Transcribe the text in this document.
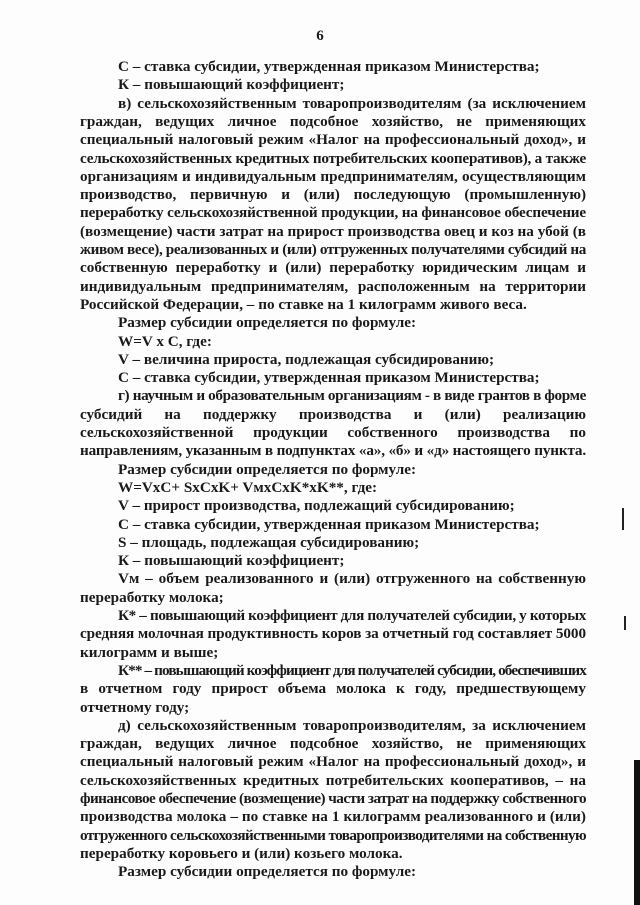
6
С – ставка субсидии, утвержденная приказом Министерства;
К – повышающий коэффициент;
в) сельскохозяйственным товаропроизводителям (за исключением
граждан, ведущих личное подсобное хозяйство, не применяющих
специальный налоговый режим «Налог на профессиональный доход», и
сельскохозяйственных кредитных потребительских кооперативов), а также
организациям и индивидуальным предпринимателям, осуществляющим
производство, первичную и (или) последующую (промышленную)
переработку сельскохозяйственной продукции, на финансовое обеспечение
(возмещение) части затрат на прирост производства овец и коз на убой (в
живом весе), реализованных и (или) отгруженных получателями субсидий на
собственную переработку и (или) переработку юридическим лицам и
индивидуальным предпринимателям, расположенным на территории
Российской Федерации, – по ставке на 1 килограмм живого веса.
Размер субсидии определяется по формуле:
W=V х С, где:
V – величина прироста, подлежащая субсидированию;
С – ставка субсидии, утвержденная приказом Министерства;
г) научным и образовательным организациям - в виде грантов в форме
субсидий на поддержку производства и (или) реализацию
сельскохозяйственной продукции собственного производства по
направлениям, указанным в подпунктах «а», «б» и «д» настоящего пункта.
Размер субсидии определяется по формуле:
W=VxC+ SxCxK+ VмxCxK*xK**, где:
V – прирост производства, подлежащий субсидированию;
С – ставка субсидии, утвержденная приказом Министерства;
S – площадь, подлежащая субсидированию;
К – повышающий коэффициент;
Vм – объем реализованного и (или) отгруженного на собственную
переработку молока;
К* – повышающий коэффициент для получателей субсидии, у которых
средняя молочная продуктивность коров за отчетный год составляет 5000
килограмм и выше;
К** – повышающий коэффициент для получателей субсидии, обеспечивших
в отчетном году прирост объема молока к году, предшествующему
отчетному году;
д) сельскохозяйственным товаропроизводителям, за исключением
граждан, ведущих личное подсобное хозяйство, не применяющих
специальный налоговый режим «Налог на профессиональный доход», и
сельскохозяйственных кредитных потребительских кооперативов, – на
финансовое обеспечение (возмещение) части затрат на поддержку собственного
производства молока – по ставке на 1 килограмм реализованного и (или)
отгруженного сельскохозяйственными товаропроизводителями на собственную
переработку коровьего и (или) козьего молока.
Размер субсидии определяется по формуле:
